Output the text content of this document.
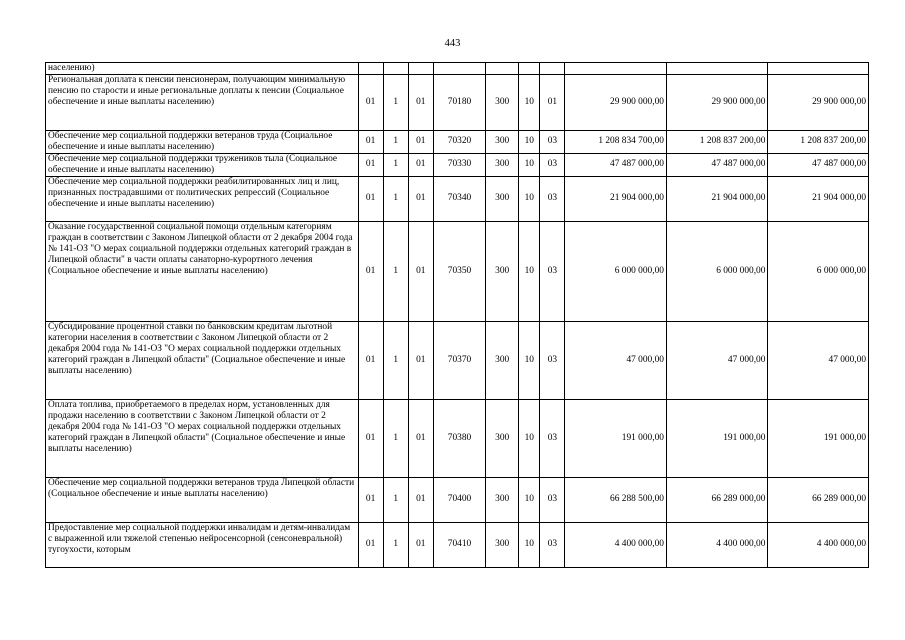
443
населению)										
Региональная доплата к пенсии пенсионерам, получающим минимальную пенсию по старости и иные региональные доплаты к пенсии (Социальное обеспечение и иные выплаты населению)	01	1	01	70180	300	10	01	29 900 000,00	29 900 000,00	29 900 000,00
Обеспечение мер социальной поддержки ветеранов труда (Социальное обеспечение и иные выплаты населению)	01	1	01	70320	300	10	03	1 208 834 700,00	1 208 837 200,00	1 208 837 200,00
Обеспечение мер социальной поддержки тружеников тыла (Социальное обеспечение и иные выплаты населению)	01	1	01	70330	300	10	03	47 487 000,00	47 487 000,00	47 487 000,00
Обеспечение мер социальной поддержки реабилитированных лиц и лиц, признанных пострадавшими от политических репрессий (Социальное обеспечение и иные выплаты населению)	01	1	01	70340	300	10	03	21 904 000,00	21 904 000,00	21 904 000,00
Оказание государственной социальной помощи отдельным категориям граждан в соответствии с Законом Липецкой области от 2 декабря 2004 года № 141-ОЗ "О мерах социальной поддержки отдельных категорий граждан в Липецкой области" в части оплаты санаторно-курортного лечения (Социальное обеспечение и иные выплаты населению)	01	1	01	70350	300	10	03	6 000 000,00	6 000 000,00	6 000 000,00
Субсидирование процентной ставки по банковским кредитам льготной категории населения в соответствии с Законом Липецкой области от 2 декабря 2004 года № 141-ОЗ "О мерах социальной поддержки отдельных категорий граждан в Липецкой области" (Социальное обеспечение и иные выплаты населению)	01	1	01	70370	300	10	03	47 000,00	47 000,00	47 000,00
Оплата топлива, приобретаемого в пределах норм, установленных для продажи населению в соответствии с Законом Липецкой области от 2 декабря 2004 года № 141-ОЗ "О мерах социальной поддержки отдельных категорий граждан в Липецкой области" (Социальное обеспечение и иные выплаты населению)	01	1	01	70380	300	10	03	191 000,00	191 000,00	191 000,00
Обеспечение мер социальной поддержки ветеранов труда Липецкой области (Социальное обеспечение и иные выплаты населению)	01	1	01	70400	300	10	03	66 288 500,00	66 289 000,00	66 289 000,00
Предоставление мер социальной поддержки инвалидам и детям-инвалидам с выраженной или тяжелой степенью нейросенсорной (сенсоневральной) тугоухости, которым	01	1	01	70410	300	10	03	4 400 000,00	4 400 000,00	4 400 000,00
